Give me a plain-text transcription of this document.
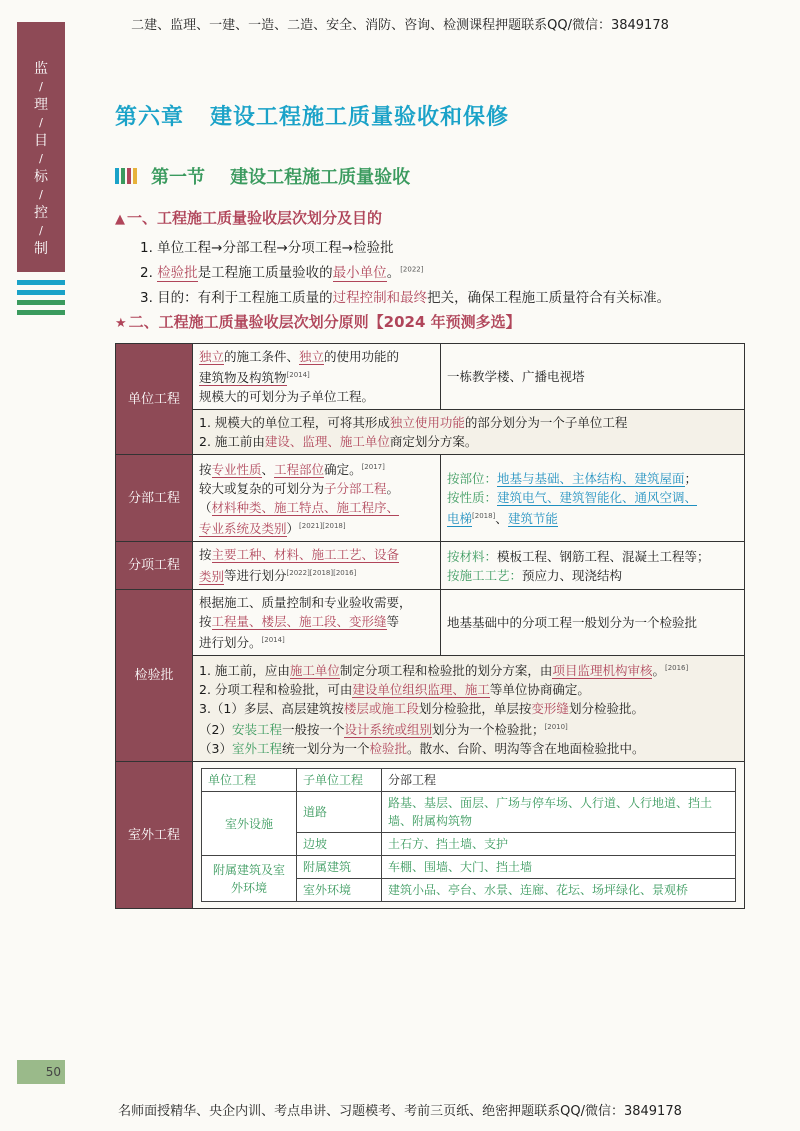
二建、监理、一建、一造、二造、安全、消防、咨询、检测课程押题联系QQ/微信：3849178
监
/
理
/
目
/
标
/
控
/
制
第六章 建设工程施工质量验收和保修
第一节 建设工程施工质量验收
▲ 一、工程施工质量验收层次划分及目的
1. 单位工程→分部工程→分项工程→检验批
2. 检验批是工程施工质量验收的最小单位。[2022]
3. 目的：有利于工程施工质量的过程控制和最终把关，确保工程施工质量符合有关标准。
★ 二、工程施工质量验收层次划分原则【2024 年预测多选】
单位工程	独立的施工条件、独立的使用功能的
建筑物及构筑物[2014]
规模大的可划分为子单位工程。	一栋教学楼、广播电视塔
1. 规模大的单位工程，可将其形成独立使用功能的部分划分为一个子单位工程
2. 施工前由建设、监理、施工单位商定划分方案。
分部工程	按专业性质、工程部位确定。[2017]
较大或复杂的可划分为子分部工程。
（材料种类、施工特点、施工程序、
专业系统及类别）[2021][2018]	按部位：地基与基础、主体结构、建筑屋面；
按性质：建筑电气、建筑智能化、通风空调、
电梯[2018]、建筑节能
分项工程	按主要工种、材料、施工工艺、设备
类别等进行划分[2022][2018][2016]	按材料：模板工程、钢筋工程、混凝土工程等；
按施工工艺：预应力、现浇结构
检验批	根据施工、质量控制和专业验收需要，
按工程量、楼层、施工段、变形缝等
进行划分。[2014]	地基基础中的分项工程一般划分为一个检验批
1. 施工前，应由施工单位制定分项工程和检验批的划分方案，由项目监理机构审核。[2016]
2. 分项工程和检验批，可由建设单位组织监理、施工等单位协商确定。
3.（1）多层、高层建筑按楼层或施工段划分检验批，单层按变形缝划分检验批。
（2）安装工程一般按一个设计系统或组别划分为一个检验批；[2010]
（3）室外工程统一划分为一个检验批。散水、台阶、明沟等含在地面检验批中。
室外工程	
单位工程	子单位工程	分部工程
室外设施	道路	路基、基层、面层、广场与停车场、人行道、人行地道、挡土墙、附属构筑物
边坡	土石方、挡土墙、支护
附属建筑及室外环境	附属建筑	车棚、围墙、大门、挡土墙
室外环境	建筑小品、亭台、水景、连廊、花坛、场坪绿化、景观桥
50
名师面授精华、央企内训、考点串讲、习题模考、考前三页纸、绝密押题联系QQ/微信：3849178
